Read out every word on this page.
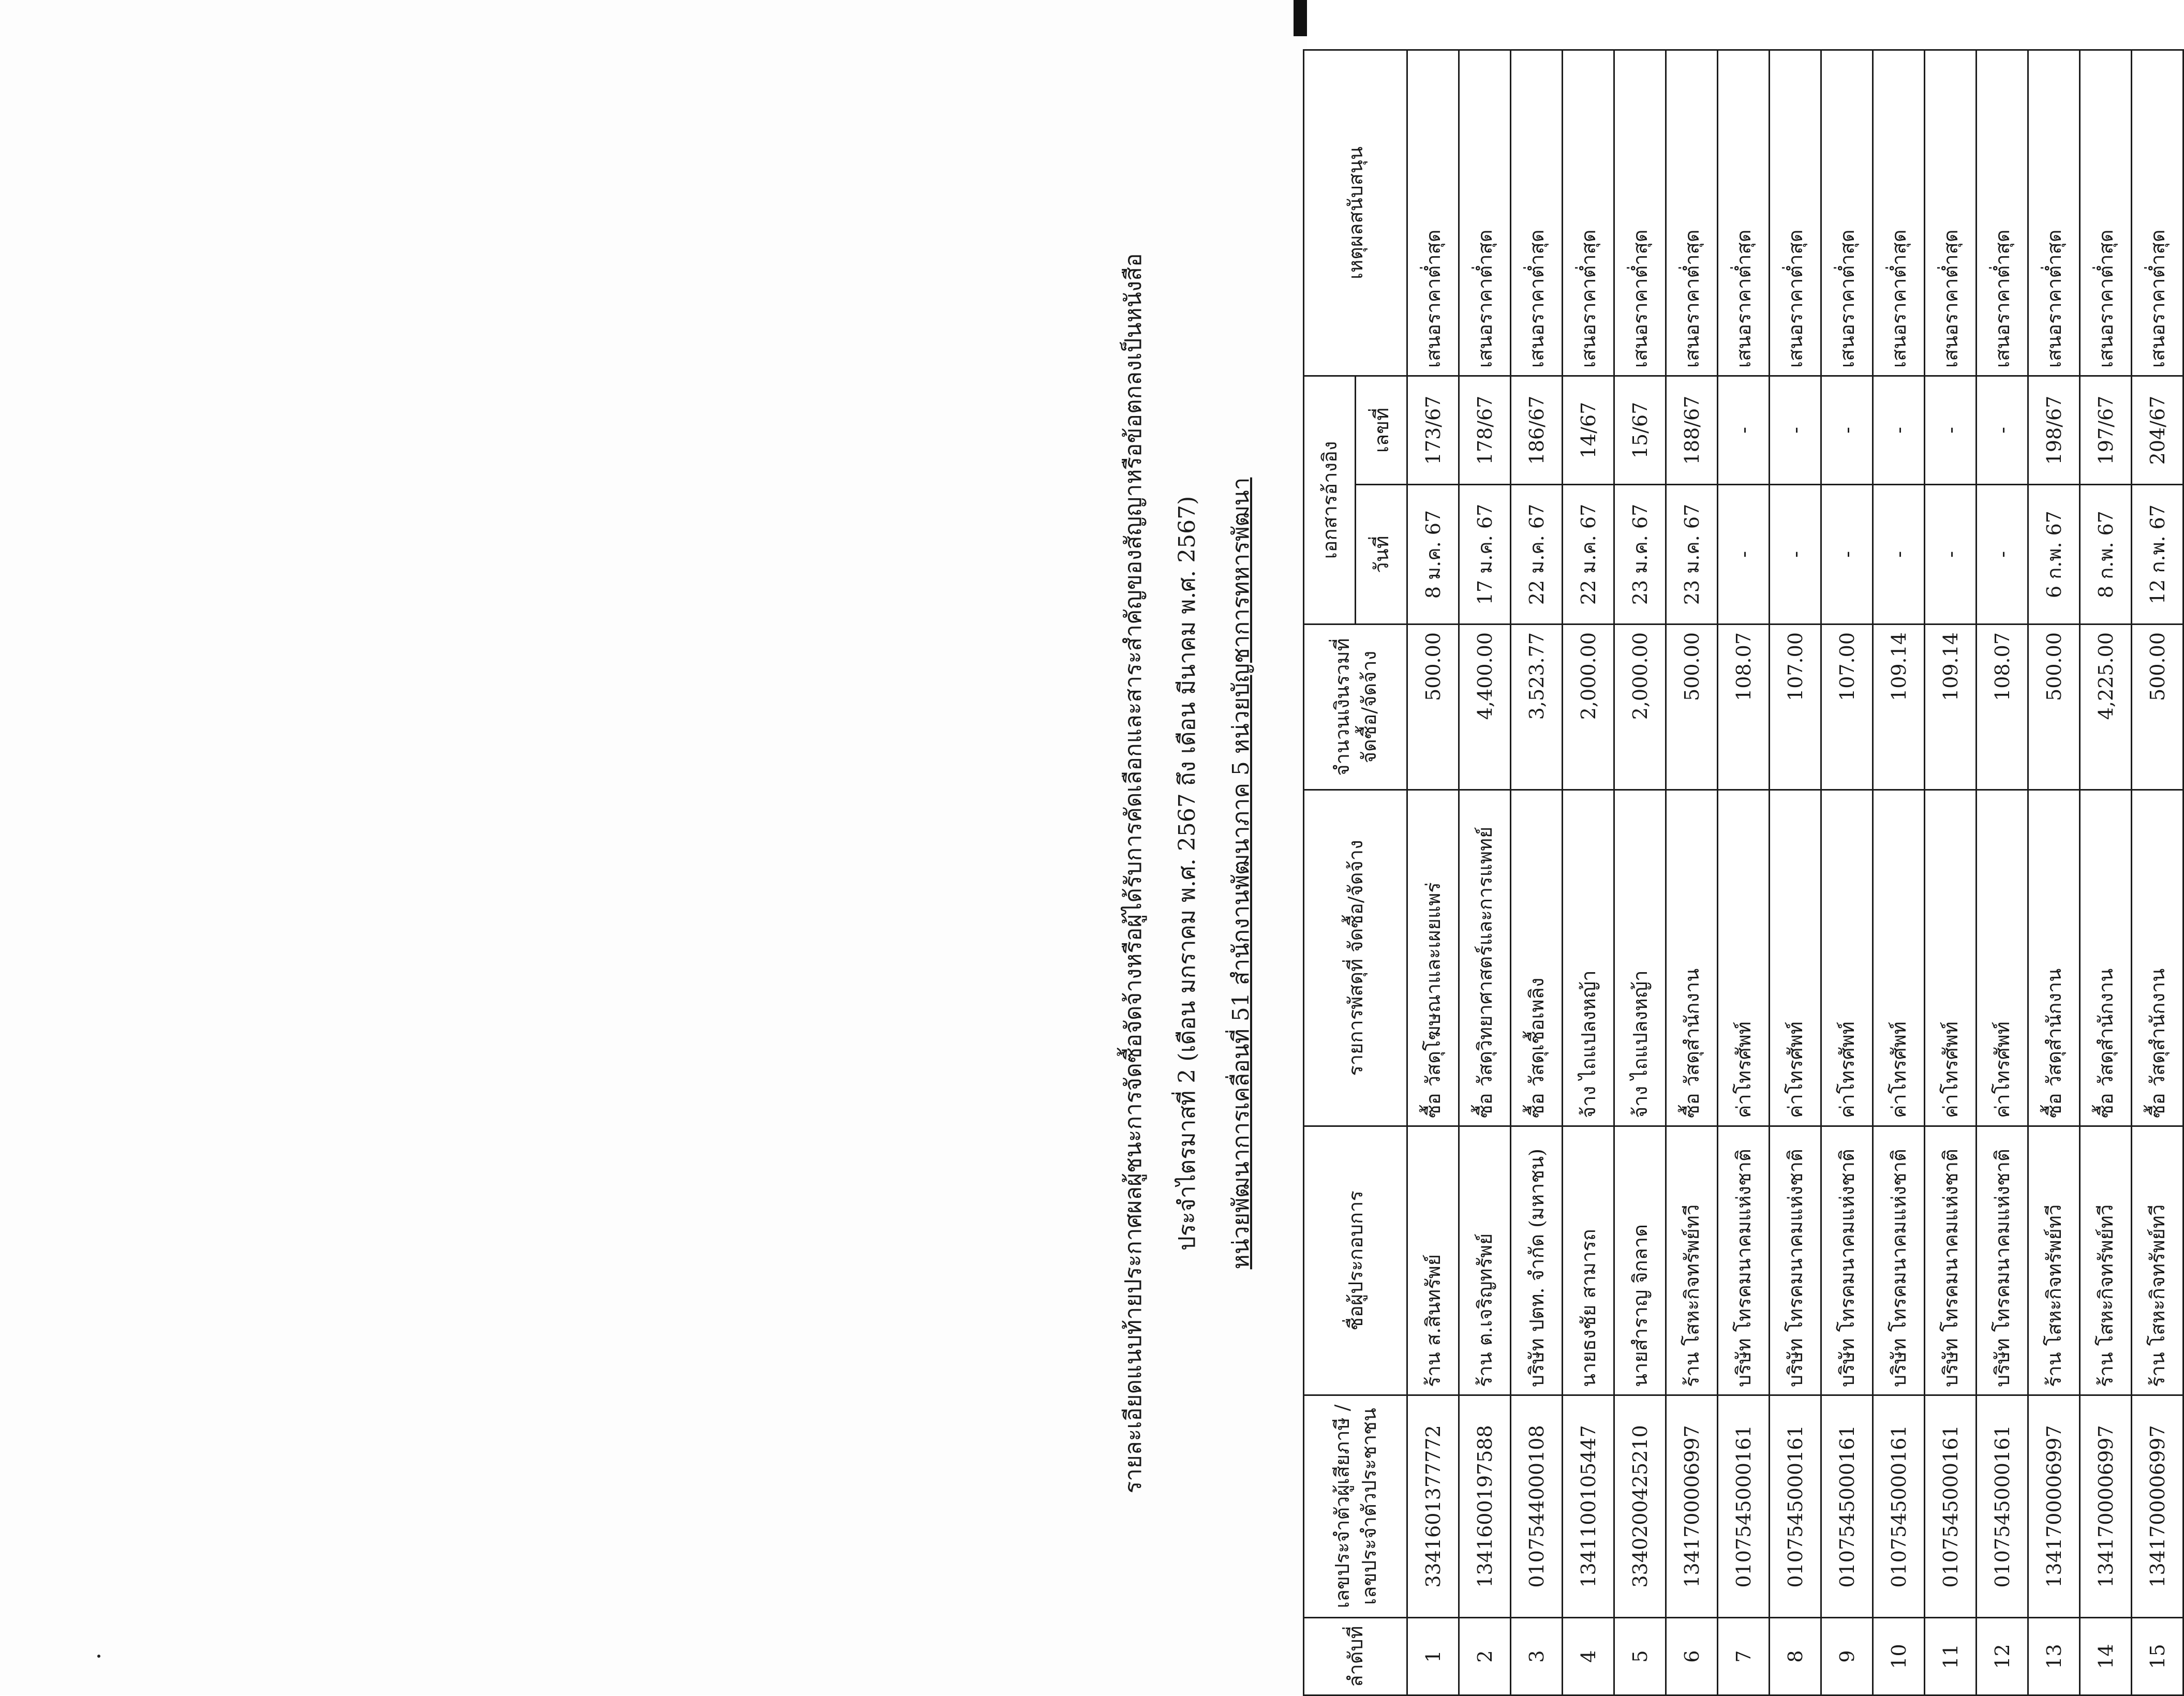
รายละเอียดแนบท้ายประกาศผลผู้ชนะการจัดซื้อจัดจ้างหรือผู้ได้รับการคัดเลือกและสาระสำคัญของสัญญาหรือข้อตกลงเป็นหนังสือ ประจำไตรมาสที่ 2 (เดือน มกราคม พ.ศ. 2567 ถึง เดือน มีนาคม พ.ศ. 2567) หน่วยพัฒนาการเคลื่อนที่ 51 สำนักงานพัฒนาภาค 5 หน่วยบัญชาการทหารพัฒนา
ลำดับที่	เลขประจำตัวผู้เสียภาษี / เลขประจำตัวประชาชน	ชื่อผู้ประกอบการ	รายการพัสดุที่ จัดซื้อ/จัดจ้าง	จำนวนเงินรวมที่ จัดซื้อ/จัดจ้าง	เอกสารอ้างอิง		เหตุผลสนับสนุน
					วันที่	เลขที่	
1	3341601377772	ร้าน ส.สินทรัพย์	ซื้อ วัสดุโฆษณาและเผยแพร่	500.00	8 ม.ค. 67	173/67	เสนอราคาต่ำสุด
2	1341600197588	ร้าน ต.เจริญทรัพย์	ซื้อ วัสดุวิทยาศาสตร์และการแพทย์	4,400.00	17 ม.ค. 67	178/67	เสนอราคาต่ำสุด
3	0107544000108	บริษัท ปตท. จำกัด (มหาชน)	ซื้อ วัสดุเชื้อเพลิง	3,523.77	22 ม.ค. 67	186/67	เสนอราคาต่ำสุด
4	1341100105447	นายธงชัย สามารถ	จ้าง ไถแปลงหญ้า	2,000.00	22 ม.ค. 67	14/67	เสนอราคาต่ำสุด
5	3340200425210	นายสำราญ จิกลาด	จ้าง ไถแปลงหญ้า	2,000.00	23 ม.ค. 67	15/67	เสนอราคาต่ำสุด
6	1341700006997	ร้าน โสหะกิจทรัพย์ทวี	ซื้อ วัสดุสำนักงาน	500.00	23 ม.ค. 67	188/67	เสนอราคาต่ำสุด
7	0107545000161	บริษัท โทรคมนาคมแห่งชาติ	ค่าโทรศัพท์	108.07	-	-	เสนอราคาต่ำสุด
8	0107545000161	บริษัท โทรคมนาคมแห่งชาติ	ค่าโทรศัพท์	107.00	-	-	เสนอราคาต่ำสุด
9	0107545000161	บริษัท โทรคมนาคมแห่งชาติ	ค่าโทรศัพท์	107.00	-	-	เสนอราคาต่ำสุด
10	0107545000161	บริษัท โทรคมนาคมแห่งชาติ	ค่าโทรศัพท์	109.14	-	-	เสนอราคาต่ำสุด
11	0107545000161	บริษัท โทรคมนาคมแห่งชาติ	ค่าโทรศัพท์	109.14	-	-	เสนอราคาต่ำสุด
12	0107545000161	บริษัท โทรคมนาคมแห่งชาติ	ค่าโทรศัพท์	108.07	-	-	เสนอราคาต่ำสุด
13	1341700006997	ร้าน โสหะกิจทรัพย์ทวี	ซื้อ วัสดุสำนักงาน	500.00	6 ก.พ. 67	198/67	เสนอราคาต่ำสุด
14	1341700006997	ร้าน โสหะกิจทรัพย์ทวี	ซื้อ วัสดุสำนักงาน	4,225.00	8 ก.พ. 67	197/67	เสนอราคาต่ำสุด
15	1341700006997	ร้าน โสหะกิจทรัพย์ทวี	ซื้อ วัสดุสำนักงาน	500.00	12 ก.พ. 67	204/67	เสนอราคาต่ำสุด
